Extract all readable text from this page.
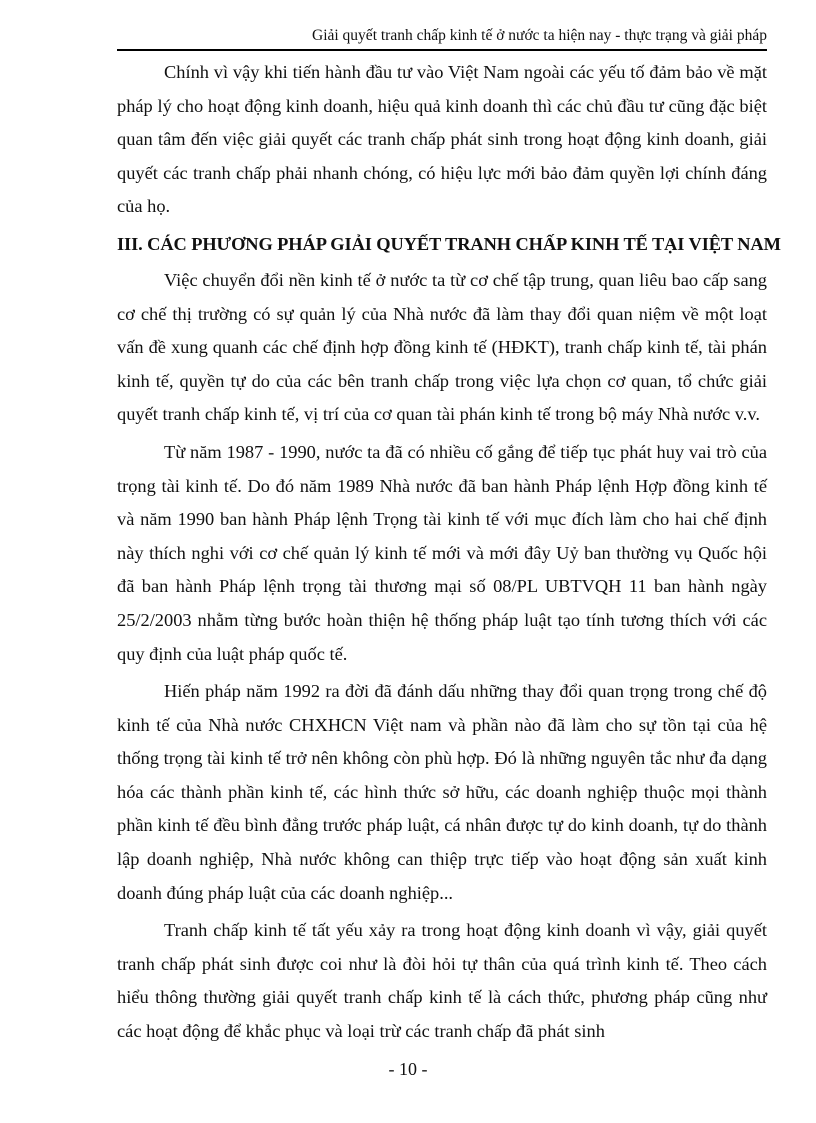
Giải quyết tranh chấp kinh tế ở nước ta hiện nay - thực trạng và giải pháp

Chính vì vậy khi tiến hành đầu tư vào Việt Nam ngoài các yếu tố đảm bảo về mặt pháp lý cho hoạt động kinh doanh, hiệu quả kinh doanh thì các chủ đầu tư cũng đặc biệt quan tâm đến việc giải quyết các tranh chấp phát sinh trong hoạt động kinh doanh, giải quyết các tranh chấp phải nhanh chóng, có hiệu lực mới bảo đảm quyền lợi chính đáng của họ.

III. CÁC PHƯƠNG PHÁP GIẢI QUYẾT TRANH CHẤP KINH TẾ TẠI VIỆT NAM

Việc chuyển đổi nền kinh tế ở nước ta từ cơ chế tập trung, quan liêu bao cấp sang cơ chế thị trường có sự quản lý của Nhà nước đã làm thay đổi quan niệm về một loạt vấn đề xung quanh các chế định hợp đồng kinh tế (HĐKT), tranh chấp kinh tế, tài phán kinh tế, quyền tự do của các bên tranh chấp trong việc lựa chọn cơ quan, tổ chức giải quyết tranh chấp kinh tế, vị trí của cơ quan tài phán kinh tế trong bộ máy Nhà nước v.v.

Từ năm 1987 - 1990, nước ta đã có nhiều cố gắng để tiếp tục phát huy vai trò của trọng tài kinh tế. Do đó năm 1989 Nhà nước đã ban hành Pháp lệnh Hợp đồng kinh tế và năm 1990 ban hành Pháp lệnh Trọng tài kinh tế với mục đích làm cho hai chế định này thích nghi với cơ chế quản lý kinh tế mới và mới đây Uỷ ban thường vụ Quốc hội đã ban hành Pháp lệnh trọng tài thương mại số 08/PL UBTVQH 11 ban hành ngày 25/2/2003 nhằm từng bước hoàn thiện hệ thống pháp luật tạo tính tương thích với các quy định của luật pháp quốc tế.

Hiến pháp năm 1992 ra đời đã đánh dấu những thay đổi quan trọng trong chế độ kinh tế của Nhà nước CHXHCN Việt nam và phần nào đã làm cho sự tồn tại của hệ thống trọng tài kinh tế trở nên không còn phù hợp. Đó là những nguyên tắc như đa dạng hóa các thành phần kinh tế, các hình thức sở hữu, các doanh nghiệp thuộc mọi thành phần kinh tế đều bình đẳng trước pháp luật, cá nhân được tự do kinh doanh, tự do thành lập doanh nghiệp, Nhà nước không can thiệp trực tiếp vào hoạt động sản xuất kinh doanh đúng pháp luật của các doanh nghiệp...

Tranh chấp kinh tế tất yếu xảy ra trong hoạt động kinh doanh vì vậy, giải quyết tranh chấp phát sinh được coi như là đòi hỏi tự thân của quá trình kinh tế. Theo cách hiểu thông thường giải quyết tranh chấp kinh tế là cách thức, phương pháp cũng như các hoạt động để khắc phục và loại trừ các tranh chấp đã phát sinh

- 10 -
